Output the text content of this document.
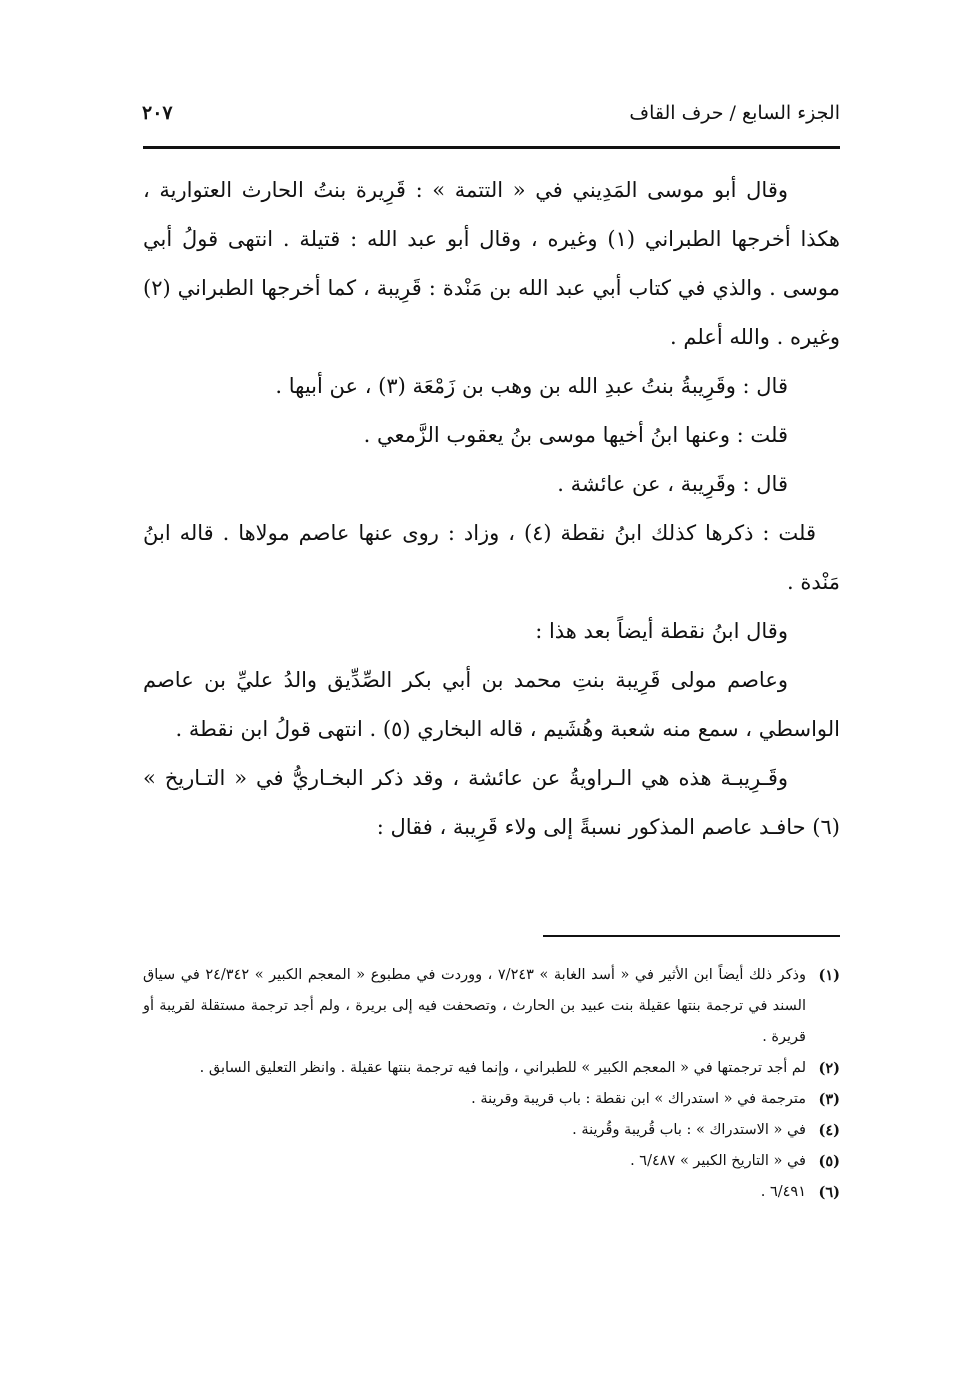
الجزء السابع / حرف القاف
٢٠٧

وقال أبو موسى المَدِيني في « التتمة » : قَرِيرة بنتُ الحارث العتوارية ، هكذا أخرجها الطبراني (١) وغيره ، وقال أبو عبد الله : قتيلة . انتهى قولُ أبي موسى . والذي في كتاب أبي عبد الله بن مَنْدة : قَرِيبة ، كما أخرجها الطبراني (٢) وغيره . والله أعلم .

قال : وقَرِيبةُ بنتُ عبدِ الله بن وهب بن زَمْعَة (٣) ، عن أبيها .

قلت : وعنها ابنُ أخيها موسى بنُ يعقوب الزَّمعي .

قال : وقَرِيبة ، عن عائشة .

قلت : ذكرها كذلك ابنُ نقطة (٤) ، وزاد : روى عنها عاصم مولاها . قاله ابنُ مَنْدة .

وقال ابنُ نقطة أيضاً بعد هذا :

وعاصم مولى قَرِيبة بنتِ محمد بن أبي بكر الصِّدِّيق والدُ عليِّ بن عاصم الواسطي ، سمع منه شعبة وهُشَيم ، قاله البخاري (٥) . انتهى قولُ ابن نقطة .

وقَـرِيبـة هذه هي الـراويةُ عن عائشة ، وقد ذكر البخـاريُّ في « التـاريخ » (٦) حافـد عاصم المذكور نسبةً إلى ولاء قَرِيبة ، فقال :

(١)
وذكر ذلك أيضاً ابن الأثير في « أسد الغابة » ٧/٢٤٣ ، ووردت في مطبوع « المعجم الكبير » ٢٤/٣٤٢ في سياق السند في ترجمة بنتها عقيلة بنت عبيد بن الحارث ، وتصحفت فيه إلى بريرة ، ولم أجد ترجمة مستقلة لقريبة أو قريرة .
(٢)
لم أجد ترجمتها في « المعجم الكبير » للطبراني ، وإنما فيه ترجمة بنتها عقيلة . وانظر التعليق السابق .
(٣)
مترجمة في « استدراك » ابن نقطة : باب قريبة وقرينة .
(٤)
في « الاستدراك » : باب قُريبة وقُرينة .
(٥)
في « التاريخ الكبير » ٦/٤٨٧ .
(٦)
٦/٤٩١ .
